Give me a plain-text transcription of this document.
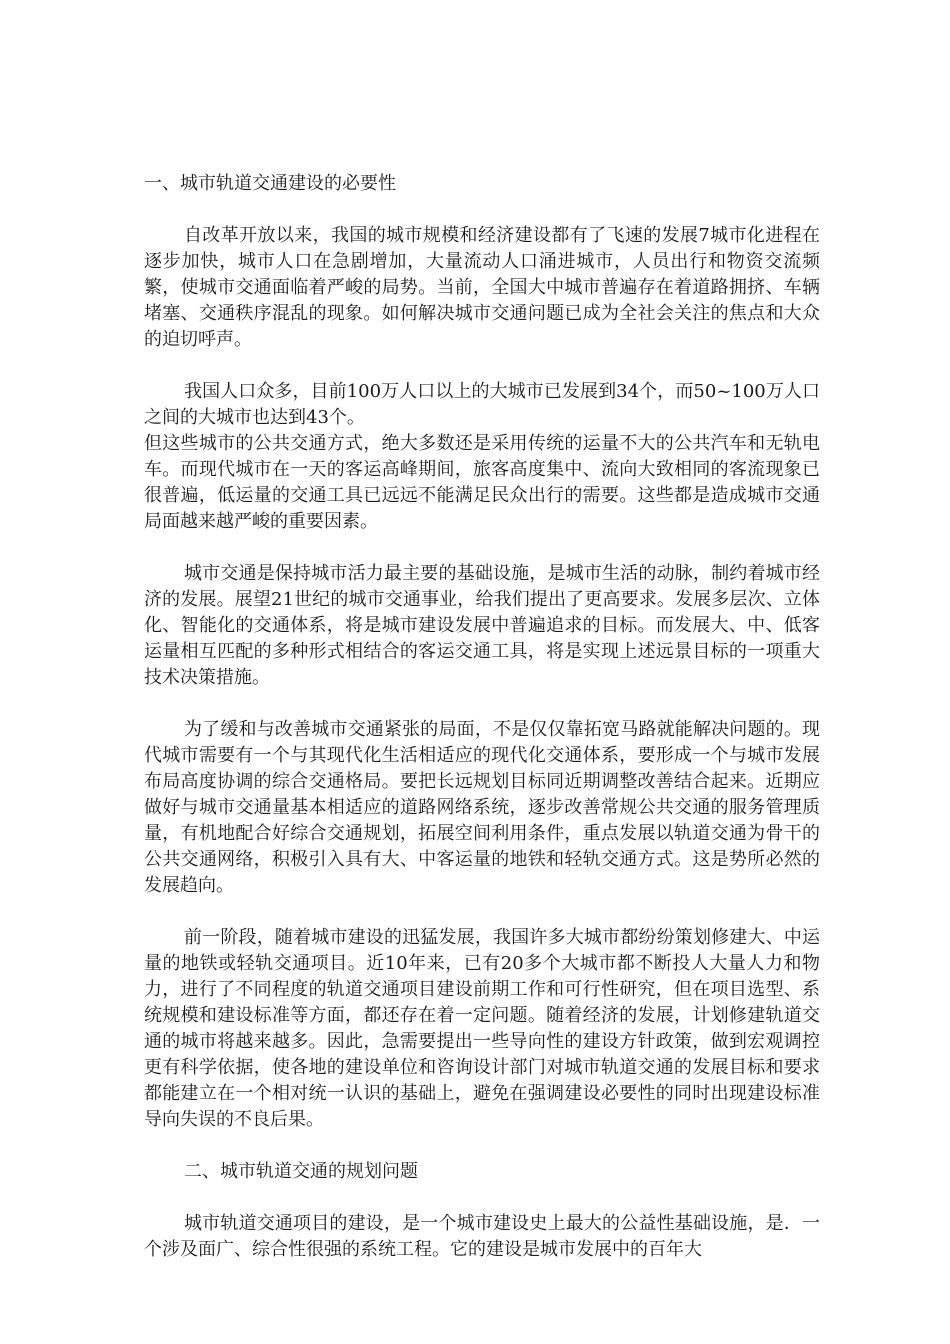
一、城市轨道交通建设的必要性

自改革开放以来，我国的城市规模和经济建设都有了飞速的发展7城市化进程在逐步加快，城市人口在急剧增加，大量流动人口涌进城市，人员出行和物资交流频繁，使城市交通面临着严峻的局势。当前，全国大中城市普遍存在着道路拥挤、车辆堵塞、交通秩序混乱的现象。如何解决城市交通问题已成为全社会关注的焦点和大众的迫切呼声。

我国人口众多，目前100万人口以上的大城市已发展到34个，而50~100万人口之间的大城市也达到43个。

但这些城市的公共交通方式，绝大多数还是采用传统的运量不大的公共汽车和无轨电车。而现代城市在一天的客运高峰期间，旅客高度集中、流向大致相同的客流现象已很普遍，低运量的交通工具已远远不能满足民众出行的需要。这些都是造成城市交通局面越来越严峻的重要因素。

城市交通是保持城市活力最主要的基础设施，是城市生活的动脉，制约着城市经济的发展。展望21世纪的城市交通事业，给我们提出了更高要求。发展多层次、立体化、智能化的交通体系，将是城市建设发展中普遍追求的目标。而发展大、中、低客运量相互匹配的多种形式相结合的客运交通工具，将是实现上述远景目标的一项重大技术决策措施。

为了缓和与改善城市交通紧张的局面，不是仅仅靠拓宽马路就能解决问题的。现代城市需要有一个与其现代化生活相适应的现代化交通体系，要形成一个与城市发展布局高度协调的综合交通格局。要把长远规划目标同近期调整改善结合起来。近期应做好与城市交通量基本相适应的道路网络系统，逐步改善常规公共交通的服务管理质量，有机地配合好综合交通规划，拓展空间利用条件，重点发展以轨道交通为骨干的公共交通网络，积极引入具有大、中客运量的地铁和轻轨交通方式。这是势所必然的发展趋向。

前一阶段，随着城市建设的迅猛发展，我国许多大城市都纷纷策划修建大、中运量的地铁或轻轨交通项目。近10年来，已有20多个大城市都不断投人大量人力和物力，进行了不同程度的轨道交通项目建设前期工作和可行性研究，但在项目选型、系统规模和建设标准等方面，都还存在着一定问题。随着经济的发展，计划修建轨道交通的城市将越来越多。因此，急需要提出一些导向性的建设方针政策，做到宏观调控更有科学依据，使各地的建设单位和咨询设计部门对城市轨道交通的发展目标和要求都能建立在一个相对统一认识的基础上，避免在强调建设必要性的同时出现建设标准导向失误的不良后果。

二、城市轨道交通的规划问题

城市轨道交通项目的建设，是一个城市建设史上最大的公益性基础设施，是．一个涉及面广、综合性很强的系统工程。它的建设是城市发展中的百年大
